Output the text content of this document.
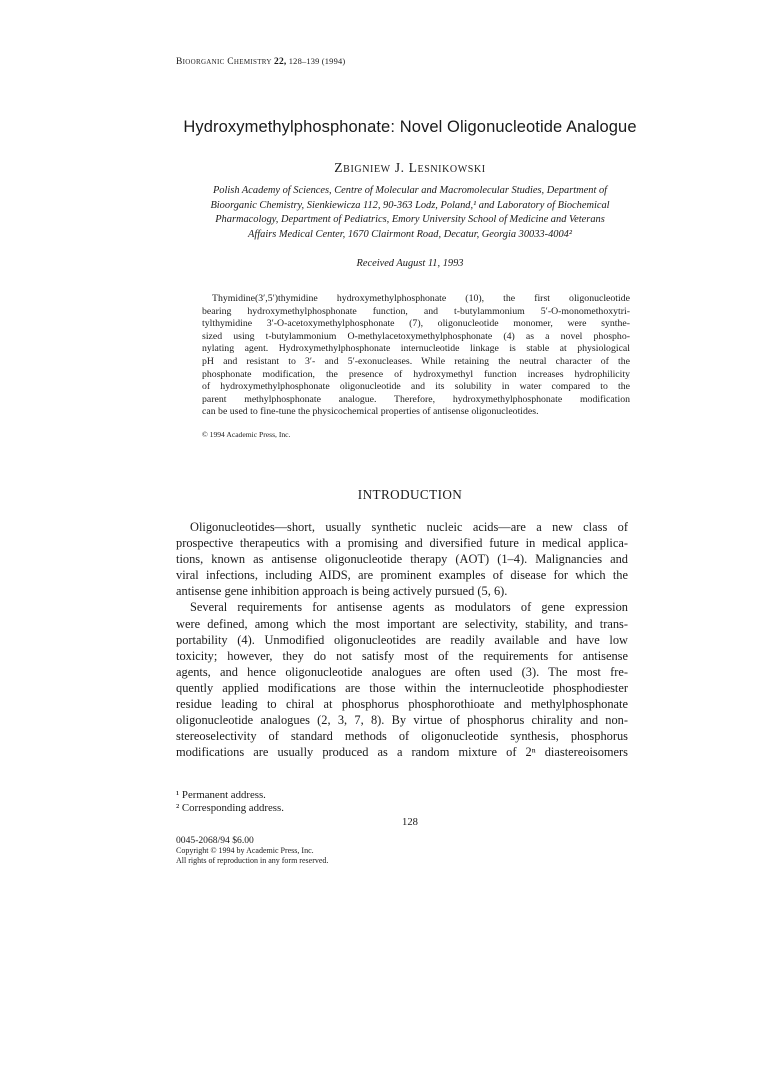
Bioorganic Chemistry 22, 128–139 (1994)
Hydroxymethylphosphonate: Novel Oligonucleotide Analogue
Zbigniew J. Lesnikowski
Polish Academy of Sciences, Centre of Molecular and Macromolecular Studies, Department of
Bioorganic Chemistry, Sienkiewicza 112, 90-363 Lodz, Poland,¹ and Laboratory of Biochemical
Pharmacology, Department of Pediatrics, Emory University School of Medicine and Veterans
Affairs Medical Center, 1670 Clairmont Road, Decatur, Georgia 30033-4004²
Received August 11, 1993
Thymidine(3′,5′)thymidine hydroxymethylphosphonate (10), the first oligonucleotide
bearing hydroxymethylphosphonate function, and t-butylammonium 5′-O-monomethoxytri-
tylthymidine 3′-O-acetoxymethylphosphonate (7), oligonucleotide monomer, were synthe-
sized using t-butylammonium O-methylacetoxymethylphosphonate (4) as a novel phospho-
nylating agent. Hydroxymethylphosphonate internucleotide linkage is stable at physiological
pH and resistant to 3′- and 5′-exonucleases. While retaining the neutral character of the
phosphonate modification, the presence of hydroxymethyl function increases hydrophilicity
of hydroxymethylphosphonate oligonucleotide and its solubility in water compared to the
parent methylphosphonate analogue. Therefore, hydroxymethylphosphonate modification
can be used to fine-tune the physicochemical properties of antisense oligonucleotides.
© 1994 Academic Press, Inc.
INTRODUCTION
Oligonucleotides—short, usually synthetic nucleic acids—are a new class of
prospective therapeutics with a promising and diversified future in medical applica-
tions, known as antisense oligonucleotide therapy (AOT) (1–4). Malignancies and
viral infections, including AIDS, are prominent examples of disease for which the
antisense gene inhibition approach is being actively pursued (5, 6).
Several requirements for antisense agents as modulators of gene expression
were defined, among which the most important are selectivity, stability, and trans-
portability (4). Unmodified oligonucleotides are readily available and have low
toxicity; however, they do not satisfy most of the requirements for antisense
agents, and hence oligonucleotide analogues are often used (3). The most fre-
quently applied modifications are those within the internucleotide phosphodiester
residue leading to chiral at phosphorus phosphorothioate and methylphosphonate
oligonucleotide analogues (2, 3, 7, 8). By virtue of phosphorus chirality and non-
stereoselectivity of standard methods of oligonucleotide synthesis, phosphorus
modifications are usually produced as a random mixture of 2ⁿ diastereoisomers
¹ Permanent address.
² Corresponding address.
128
0045-2068/94 $6.00
Copyright © 1994 by Academic Press, Inc.
All rights of reproduction in any form reserved.
